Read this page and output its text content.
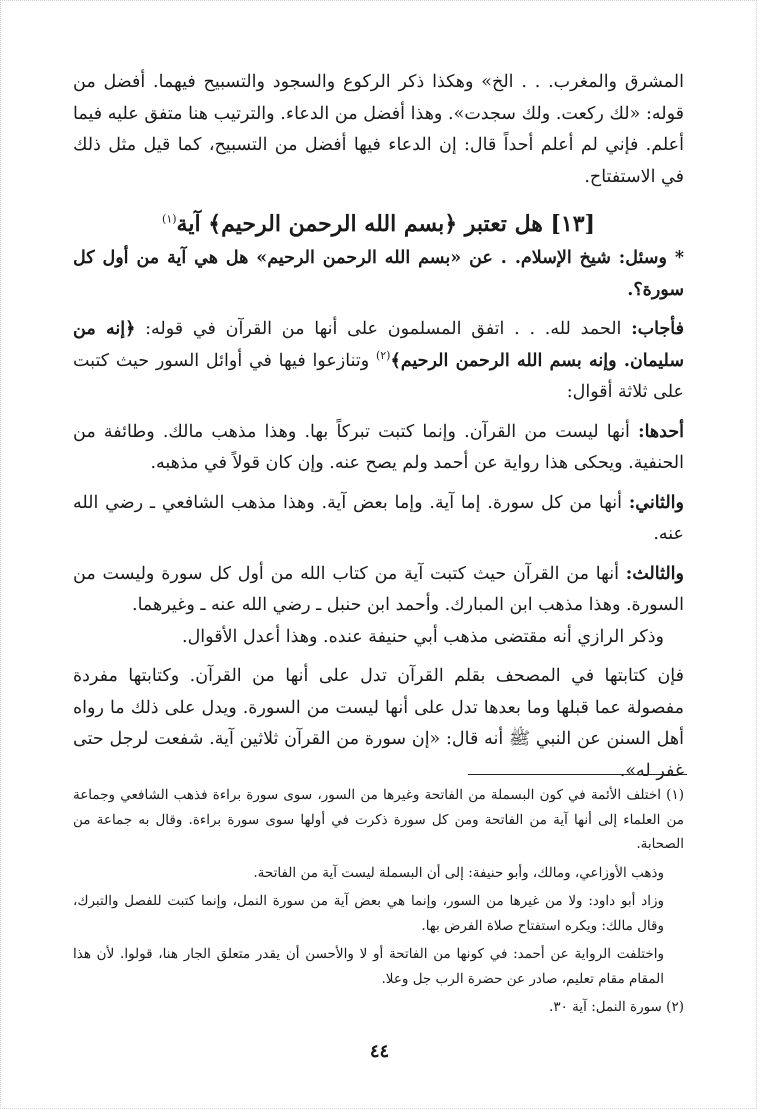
المشرق والمغرب. . . الخ» وهكذا ذكر الركوع والسجود والتسبيح فيهما. أفضل من قوله: «لك ركعت. ولك سجدت». وهذا أفضل من الدعاء. والترتيب هنا متفق عليه فيما أعلم. فإني لم أعلم أحداً قال: إن الدعاء فيها أفضل من التسبيح، كما قيل مثل ذلك في الاستفتاح.

[١٣] هل تعتبر ﴿بسم الله الرحمن الرحيم﴾ آية$^{(١)}$

* وسئل: شيخ الإسلام. . عن «بسم الله الرحمن الرحيم» هل هي آية من أول كل سورة؟.

فأجاب: الحمد لله. . . اتفق المسلمون على أنها من القرآن في قوله: ﴿إنه من سليمان. وإنه بسم الله الرحمن الرحيم﴾$^{(٢)}$ وتنازعوا فيها في أوائل السور حيث كتبت على ثلاثة أقوال:

أحدها: أنها ليست من القرآن. وإنما كتبت تبركاً بها. وهذا مذهب مالك. وطائفة من الحنفية. ويحكى هذا رواية عن أحمد ولم يصح عنه. وإن كان قولاً في مذهبه.

والثاني: أنها من كل سورة. إما آية. وإما بعض آية. وهذا مذهب الشافعي ـ رضي الله عنه.

والثالث: أنها من القرآن حيث كتبت آية من كتاب الله من أول كل سورة وليست من السورة. وهذا مذهب ابن المبارك. وأحمد ابن حنبل ـ رضي الله عنه ـ وغيرهما.

وذكر الرازي أنه مقتضى مذهب أبي حنيفة عنده. وهذا أعدل الأقوال.

فإن كتابتها في المصحف بقلم القرآن تدل على أنها من القرآن. وكتابتها مفردة مفصولة عما قبلها وما بعدها تدل على أنها ليست من السورة. ويدل على ذلك ما رواه أهل السنن عن النبي ﷺ أنه قال: «إن سورة من القرآن ثلاثين آية. شفعت لرجل حتى غفر له».

(١) اختلف الأئمة في كون البسملة من الفاتحة وغيرها من السور، سوى سورة براءة فذهب الشافعي وجماعة من العلماء إلى أنها آية من الفاتحة ومن كل سورة ذكرت في أولها سوى سورة براءة. وقال به جماعة من الصحابة.

وذهب الأوزاعي، ومالك، وأبو حنيفة: إلى أن البسملة ليست آية من الفاتحة.

وزاد أبو داود: ولا من غيرها من السور، وإنما هي بعض آية من سورة النمل، وإنما كتبت للفصل والتبرك، وقال مالك: ويكره استفتاح صلاة الفرض بها.

واختلفت الرواية عن أحمد: في كونها من الفاتحة أو لا والأحسن أن يقدر متعلق الجار هنا، قولوا. لأن هذا المقام مقام تعليم، صادر عن حضرة الرب جل وعلا.

(٢) سورة النمل: آية ٣٠.

٤٤
